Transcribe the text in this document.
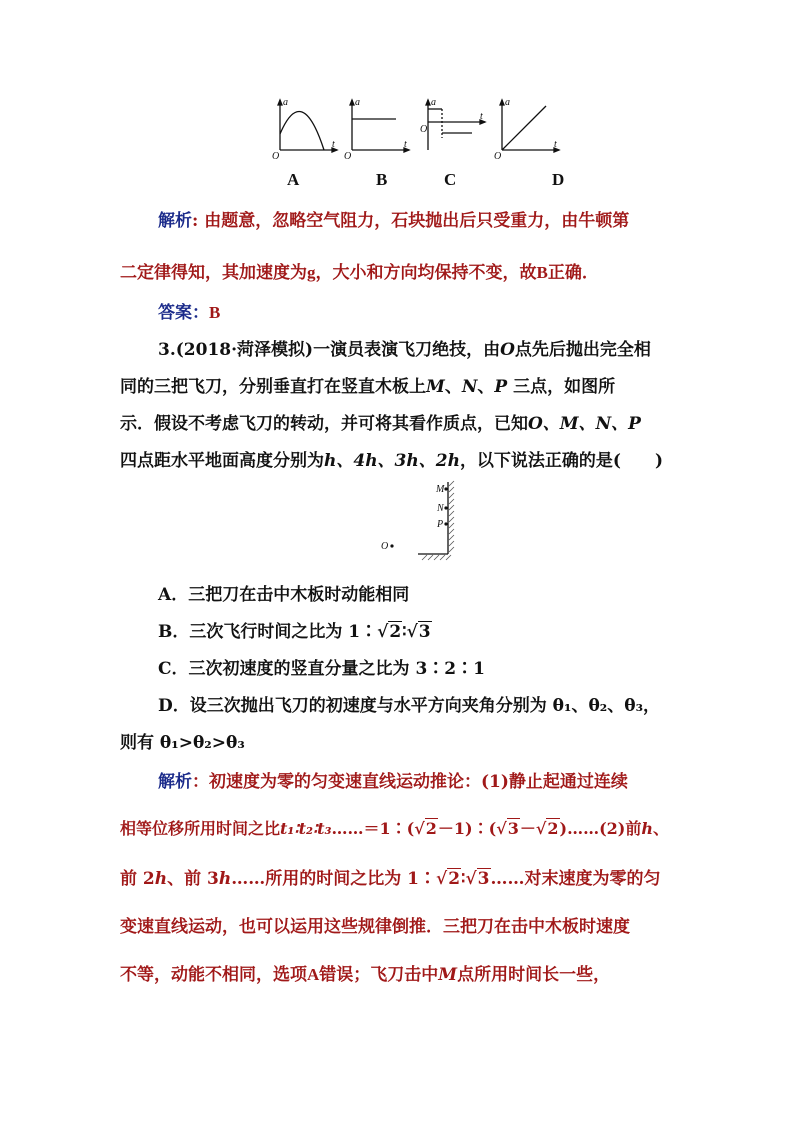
a
t
O
a
t
O
a
t
O
a
t
O
A	B	C	D
解析: 由题意，忽略空气阻力，石块抛出后只受重力，由牛顿第
二定律得知，其加速度为g，大小和方向均保持不变，故B正确．
答案：B
3.(2018·菏泽模拟)一演员表演飞刀绝技，由O点先后抛出完全相
同的三把飞刀，分别垂直打在竖直木板上M、N、P 三点，如图所
示．假设不考虑飞刀的转动，并可将其看作质点，已知O、M、N、P
四点距水平地面高度分别为h、4h、3h、2h，以下说法正确的是(　　)
M
N
P
O
A．三把刀在击中木板时动能相同
B．三次飞行时间之比为 1∶√2∶√3
C．三次初速度的竖直分量之比为 3∶2∶1
D．设三次抛出飞刀的初速度与水平方向夹角分别为 θ₁、θ₂、θ₃，
则有 θ₁>θ₂>θ₃
解析：初速度为零的匀变速直线运动推论：(1)静止起通过连续
相等位移所用时间之比t₁∶t₂∶t₃……＝1∶(√2－1)∶(√3－√2)……(2)前h、
前 2h、前 3h……所用的时间之比为 1∶√2∶√3……对末速度为零的匀
变速直线运动，也可以运用这些规律倒推．三把刀在击中木板时速度
不等，动能不相同，选项A错误；飞刀击中M点所用时间长一些，
